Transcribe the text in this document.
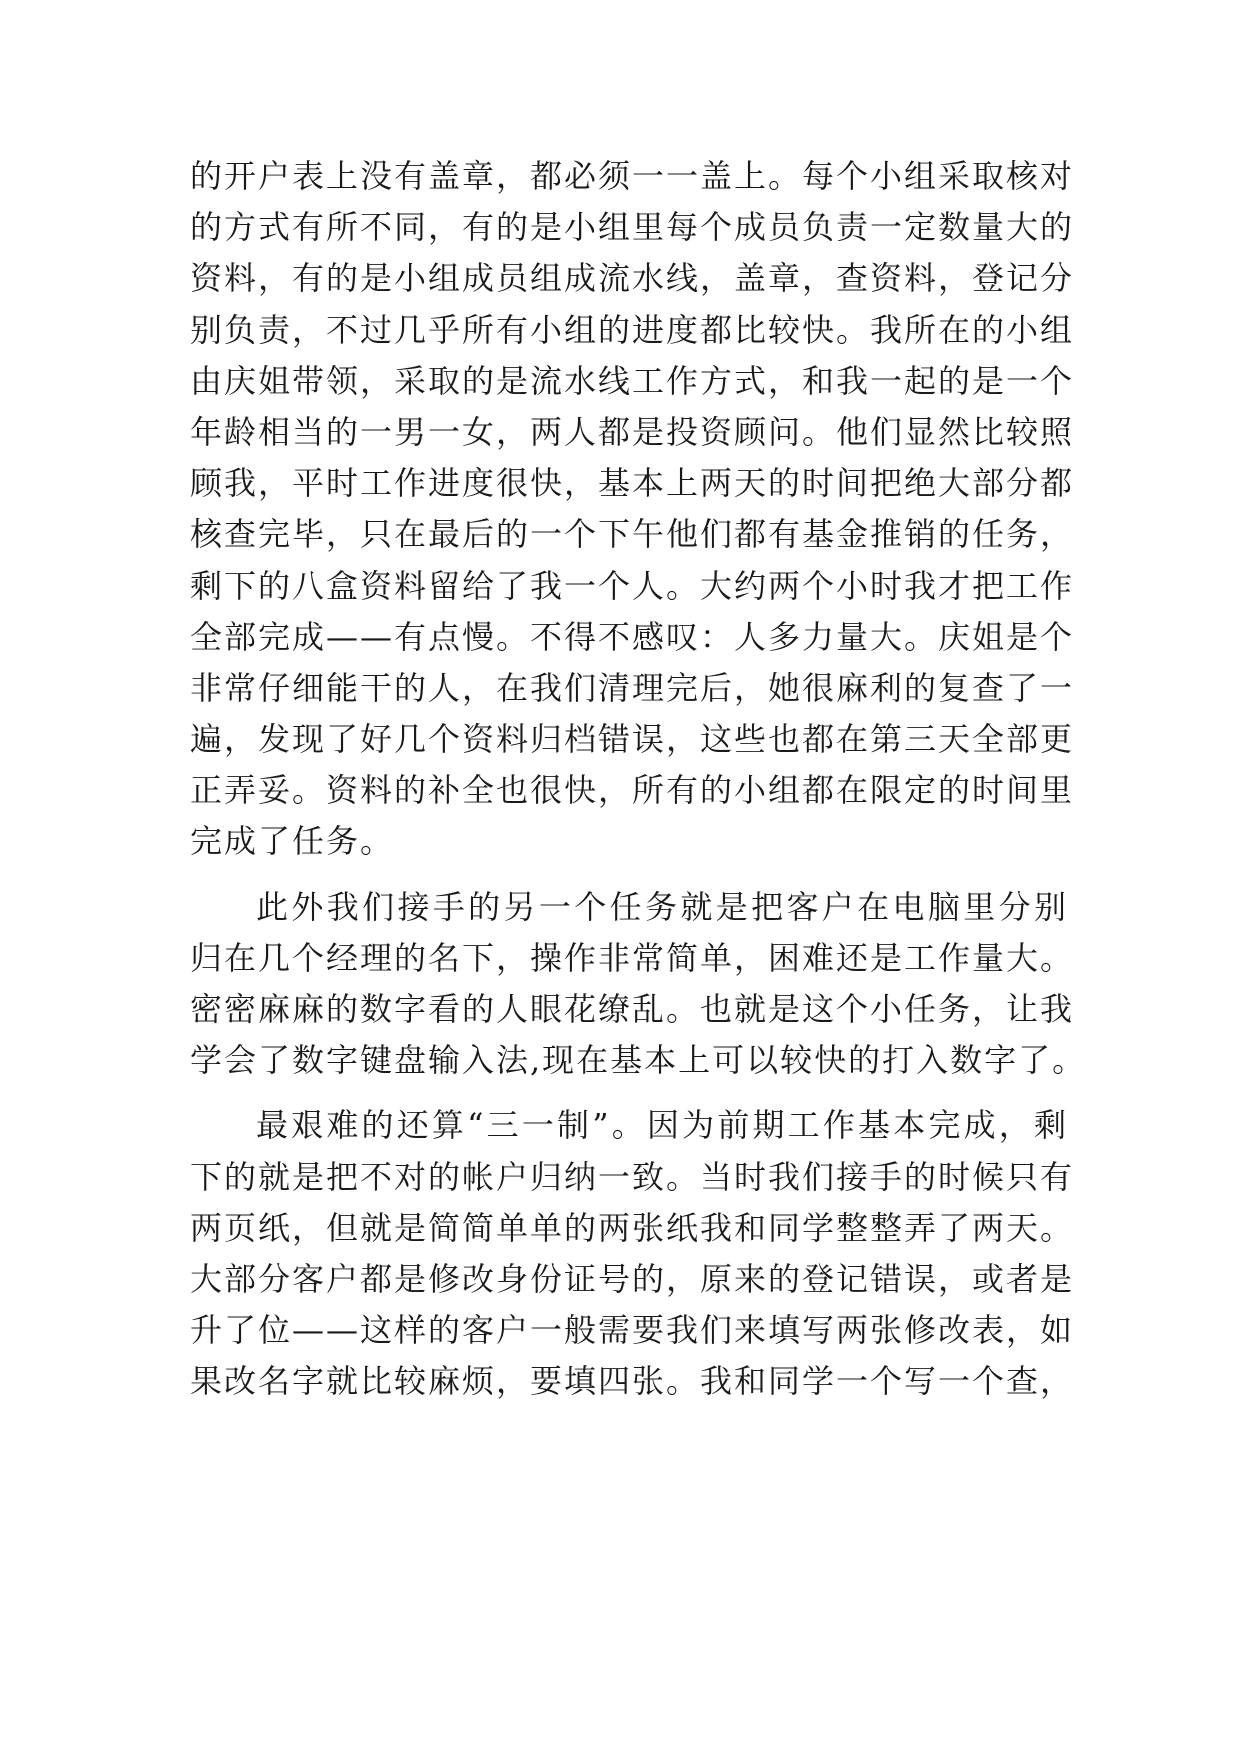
的开户表上没有盖章，都必须一一盖上。每个小组采取核对
的方式有所不同，有的是小组里每个成员负责一定数量大的
资料，有的是小组成员组成流水线，盖章，查资料，登记分
别负责，不过几乎所有小组的进度都比较快。我所在的小组
由庆姐带领，采取的是流水线工作方式，和我一起的是一个
年龄相当的一男一女，两人都是投资顾问。他们显然比较照
顾我，平时工作进度很快，基本上两天的时间把绝大部分都
核查完毕，只在最后的一个下午他们都有基金推销的任务，
剩下的八盒资料留给了我一个人。大约两个小时我才把工作
全部完成——有点慢。不得不感叹：人多力量大。庆姐是个
非常仔细能干的人，在我们清理完后，她很麻利的复查了一
遍，发现了好几个资料归档错误，这些也都在第三天全部更
正弄妥。资料的补全也很快，所有的小组都在限定的时间里
完成了任务。
此外我们接手的另一个任务就是把客户在电脑里分别
归在几个经理的名下，操作非常简单，困难还是工作量大。
密密麻麻的数字看的人眼花缭乱。也就是这个小任务，让我
学会了数字键盘输入法,现在基本上可以较快的打入数字了。
最艰难的还算“三一制”。因为前期工作基本完成，剩
下的就是把不对的帐户归纳一致。当时我们接手的时候只有
两页纸，但就是简简单单的两张纸我和同学整整弄了两天。
大部分客户都是修改身份证号的，原来的登记错误，或者是
升了位——这样的客户一般需要我们来填写两张修改表，如
果改名字就比较麻烦，要填四张。我和同学一个写一个查，
